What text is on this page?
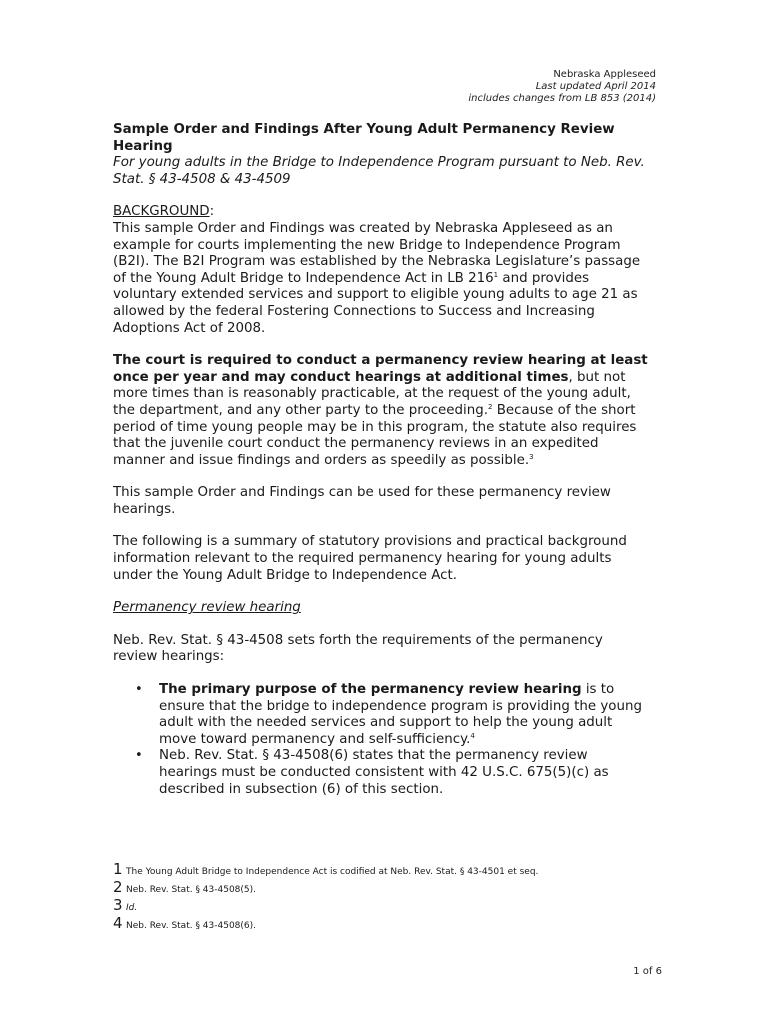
Nebraska Appleseed
Last updated April 2014
includes changes from LB 853 (2014)

Sample Order and Findings After Young Adult Permanency Review Hearing

For young adults in the Bridge to Independence Program pursuant to Neb. Rev. Stat. § 43-4508 & 43-4509

BACKGROUND:

This sample Order and Findings was created by Nebraska Appleseed as an example for courts implementing the new Bridge to Independence Program (B2I). The B2I Program was established by the Nebraska Legislature’s passage of the Young Adult Bridge to Independence Act in LB $216^1$ and provides voluntary extended services and support to eligible young adults to age 21 as allowed by the federal Fostering Connections to Success and Increasing Adoptions Act of 2008.

The court is required to conduct a permanency review hearing at least once per year and may conduct hearings at additional times, but not more times than is reasonably practicable, at the request of the young adult, the department, and any other party to the proceeding.$^2$ Because of the short period of time young people may be in this program, the statute also requires that the juvenile court conduct the permanency reviews in an expedited manner and issue findings and orders as speedily as possible.$^3$

This sample Order and Findings can be used for these permanency review hearings.

The following is a summary of statutory provisions and practical background information relevant to the required permanency hearing for young adults under the Young Adult Bridge to Independence Act.

Permanency review hearing

Neb. Rev. Stat. § 43-4508 sets forth the requirements of the permanency review hearings:

• The primary purpose of the permanency review hearing is to ensure that the bridge to independence program is providing the young adult with the needed services and support to help the young adult move toward permanency and self-sufficiency.$^4$
• Neb. Rev. Stat. § 43-4508(6) states that the permanency review hearings must be conducted consistent with 42 U.S.C. 675(5)(c) as described in subsection (6) of this section.
1 The Young Adult Bridge to Independence Act is codified at Neb. Rev. Stat. § 43-4501 et seq.
2 Neb. Rev. Stat. § 43-4508(5).
3 Id.
4 Neb. Rev. Stat. § 43-4508(6).
1 of 6
